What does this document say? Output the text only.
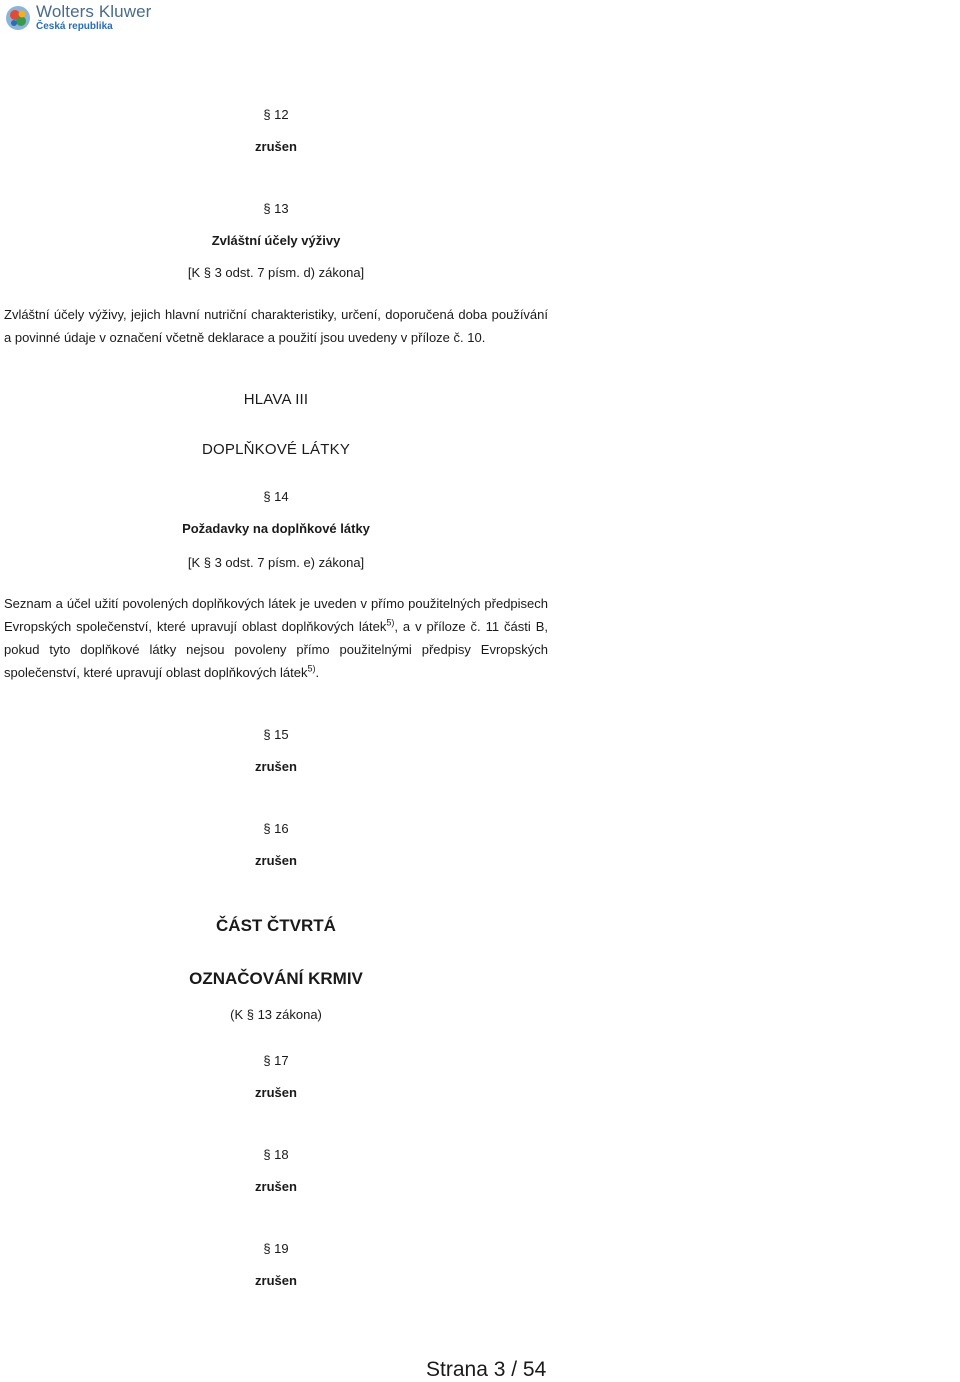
Wolters Kluwer
Česká republika
§ 12
zrušen
§ 13
Zvláštní účely výživy
[K § 3 odst. 7 písm. d) zákona]

Zvláštní účely výživy, jejich hlavní nutriční charakteristiky, určení, doporučená doba používání a povinné údaje v označení včetně deklarace a použití jsou uvedeny v příloze č. 10.

HLAVA III
DOPLŇKOVÉ LÁTKY
§ 14
Požadavky na doplňkové látky
[K § 3 odst. 7 písm. e) zákona]

Seznam a účel užití povolených doplňkových látek je uveden v přímo použitelných předpisech Evropských společenství, které upravují oblast doplňkových látek$^{5)}$, a v příloze č. 11 části B, pokud tyto doplňkové látky nejsou povoleny přímo použitelnými předpisy Evropských společenství, které upravují oblast doplňkových látek$^{5)}$.

§ 15
zrušen
§ 16
zrušen
ČÁST ČTVRTÁ
OZNAČOVÁNÍ KRMIV
(K § 13 zákona)
§ 17
zrušen
§ 18
zrušen
§ 19
zrušen
Strana 3 / 54
